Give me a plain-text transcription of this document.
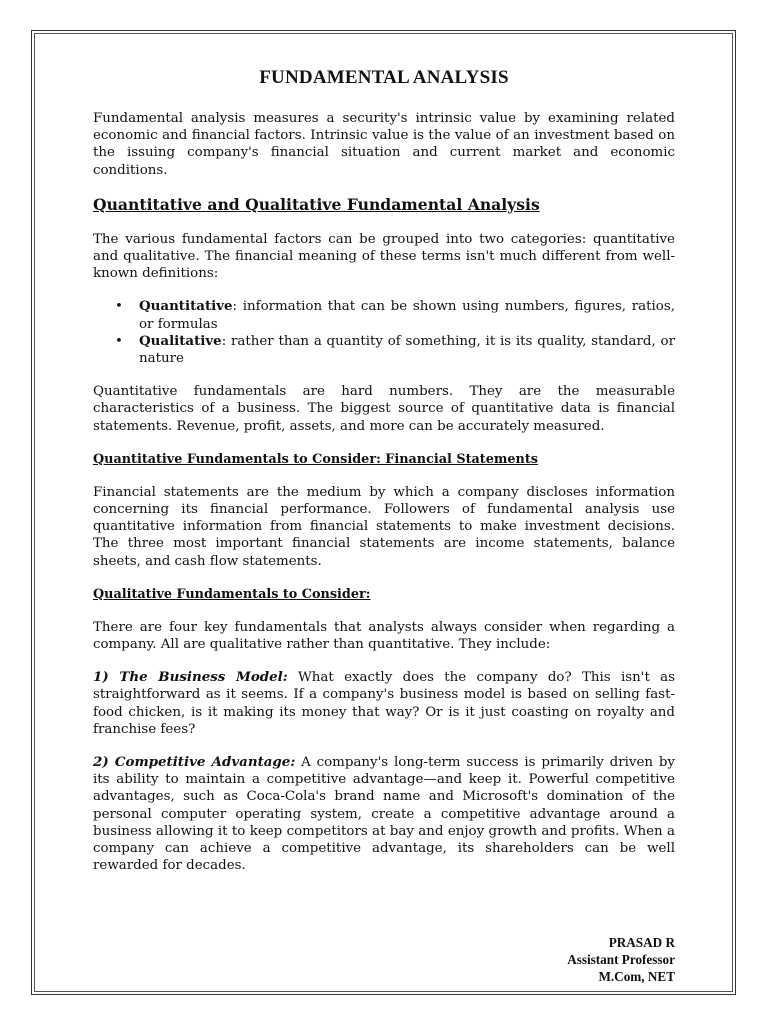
FUNDAMENTAL ANALYSIS

Fundamental analysis measures a security's intrinsic value by examining related economic and financial factors. Intrinsic value is the value of an investment based on the issuing company's financial situation and current market and economic conditions.

Quantitative and Qualitative Fundamental Analysis

The various fundamental factors can be grouped into two categories: quantitative and qualitative. The financial meaning of these terms isn't much different from well-known definitions:

• Quantitative: information that can be shown using numbers, figures, ratios, or formulas
• Qualitative: rather than a quantity of something, it is its quality, standard, or nature

Quantitative fundamentals are hard numbers. They are the measurable characteristics of a business. The biggest source of quantitative data is financial statements. Revenue, profit, assets, and more can be accurately measured.

Quantitative Fundamentals to Consider: Financial Statements

Financial statements are the medium by which a company discloses information concerning its financial performance. Followers of fundamental analysis use quantitative information from financial statements to make investment decisions. The three most important financial statements are income statements, balance sheets, and cash flow statements.

Qualitative Fundamentals to Consider:

There are four key fundamentals that analysts always consider when regarding a company. All are qualitative rather than quantitative. They include:

1) The Business Model: What exactly does the company do? This isn't as straightforward as it seems. If a company's business model is based on selling fast-food chicken, is it making its money that way? Or is it just coasting on royalty and franchise fees?

2) Competitive Advantage: A company's long-term success is primarily driven by its ability to maintain a competitive advantage—and keep it. Powerful competitive advantages, such as Coca-Cola's brand name and Microsoft's domination of the personal computer operating system, create a competitive advantage around a business allowing it to keep competitors at bay and enjoy growth and profits. When a company can achieve a competitive advantage, its shareholders can be well rewarded for decades.

PRASAD R
Assistant Professor
M.Com, NET
